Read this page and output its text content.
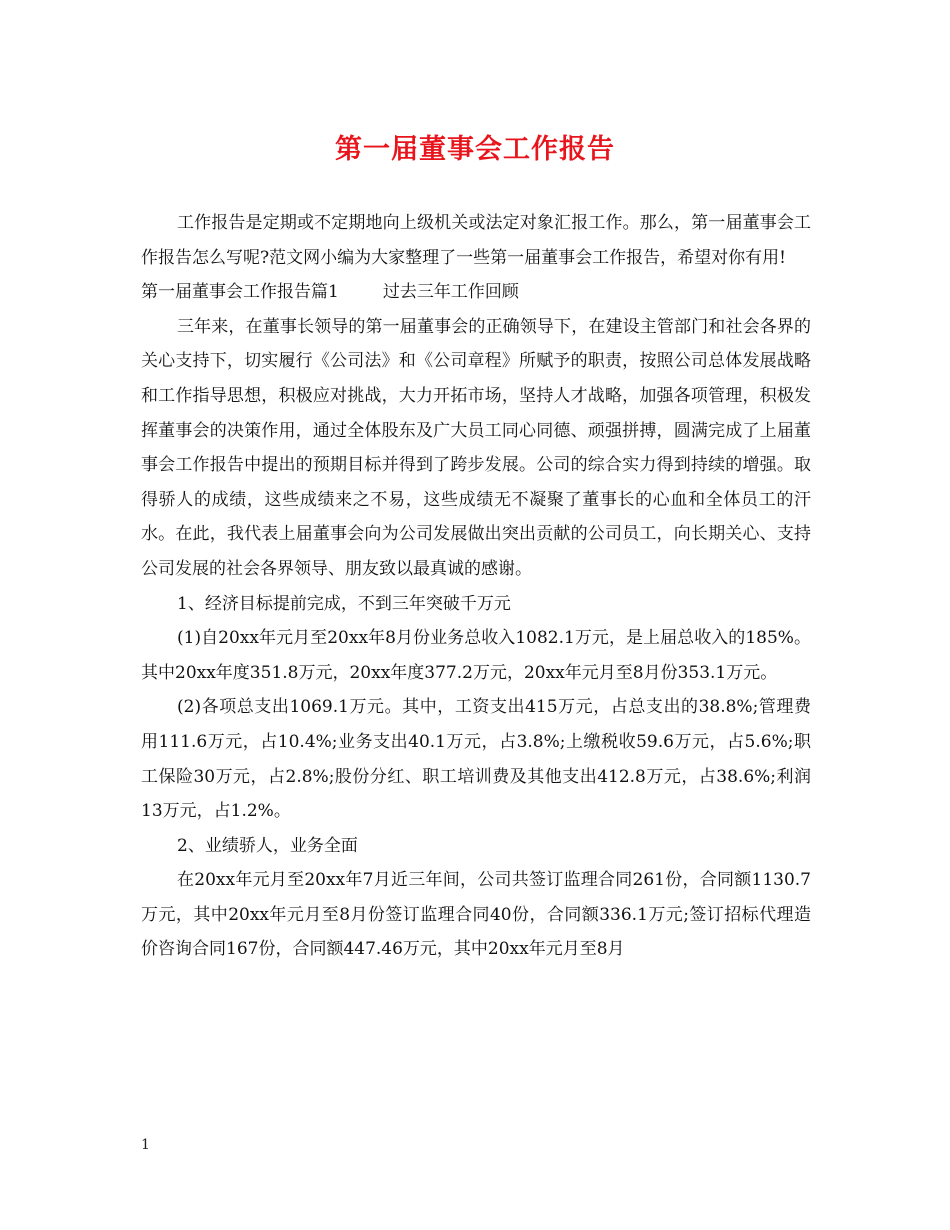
第一届董事会工作报告

工作报告是定期或不定期地向上级机关或法定对象汇报工作。那么，第一届董事会工作报告怎么写呢?范文网小编为大家整理了一些第一届董事会工作报告，希望对你有用!

第一届董事会工作报告篇1	过去三年工作回顾

三年来，在董事长领导的第一届董事会的正确领导下，在建设主管部门和社会各界的关心支持下，切实履行《公司法》和《公司章程》所赋予的职责，按照公司总体发展战略和工作指导思想，积极应对挑战，大力开拓市场，坚持人才战略，加强各项管理，积极发挥董事会的决策作用，通过全体股东及广大员工同心同德、顽强拼搏，圆满完成了上届董事会工作报告中提出的预期目标并得到了跨步发展。公司的综合实力得到持续的增强。取得骄人的成绩，这些成绩来之不易，这些成绩无不凝聚了董事长的心血和全体员工的汗水。在此，我代表上届董事会向为公司发展做出突出贡献的公司员工，向长期关心、支持公司发展的社会各界领导、朋友致以最真诚的感谢。

1、经济目标提前完成，不到三年突破千万元

(1)自20xx年元月至20xx年8月份业务总收入1082.1万元，是上届总收入的185%。其中20xx年度351.8万元，20xx年度377.2万元，20xx年元月至8月份353.1万元。

(2)各项总支出1069.1万元。其中，工资支出415万元，占总支出的38.8%;管理费用111.6万元，占10.4%;业务支出40.1万元，占3.8%;上缴税收59.6万元，占5.6%;职工保险30万元，占2.8%;股份分红、职工培训费及其他支出412.8万元，占38.6%;利润13万元，占1.2%。

2、业绩骄人，业务全面

在20xx年元月至20xx年7月近三年间，公司共签订监理合同261份，合同额1130.7万元，其中20xx年元月至8月份签订监理合同40份，合同额336.1万元;签订招标代理造价咨询合同167份，合同额447.46万元，其中20xx年元月至8月

1
